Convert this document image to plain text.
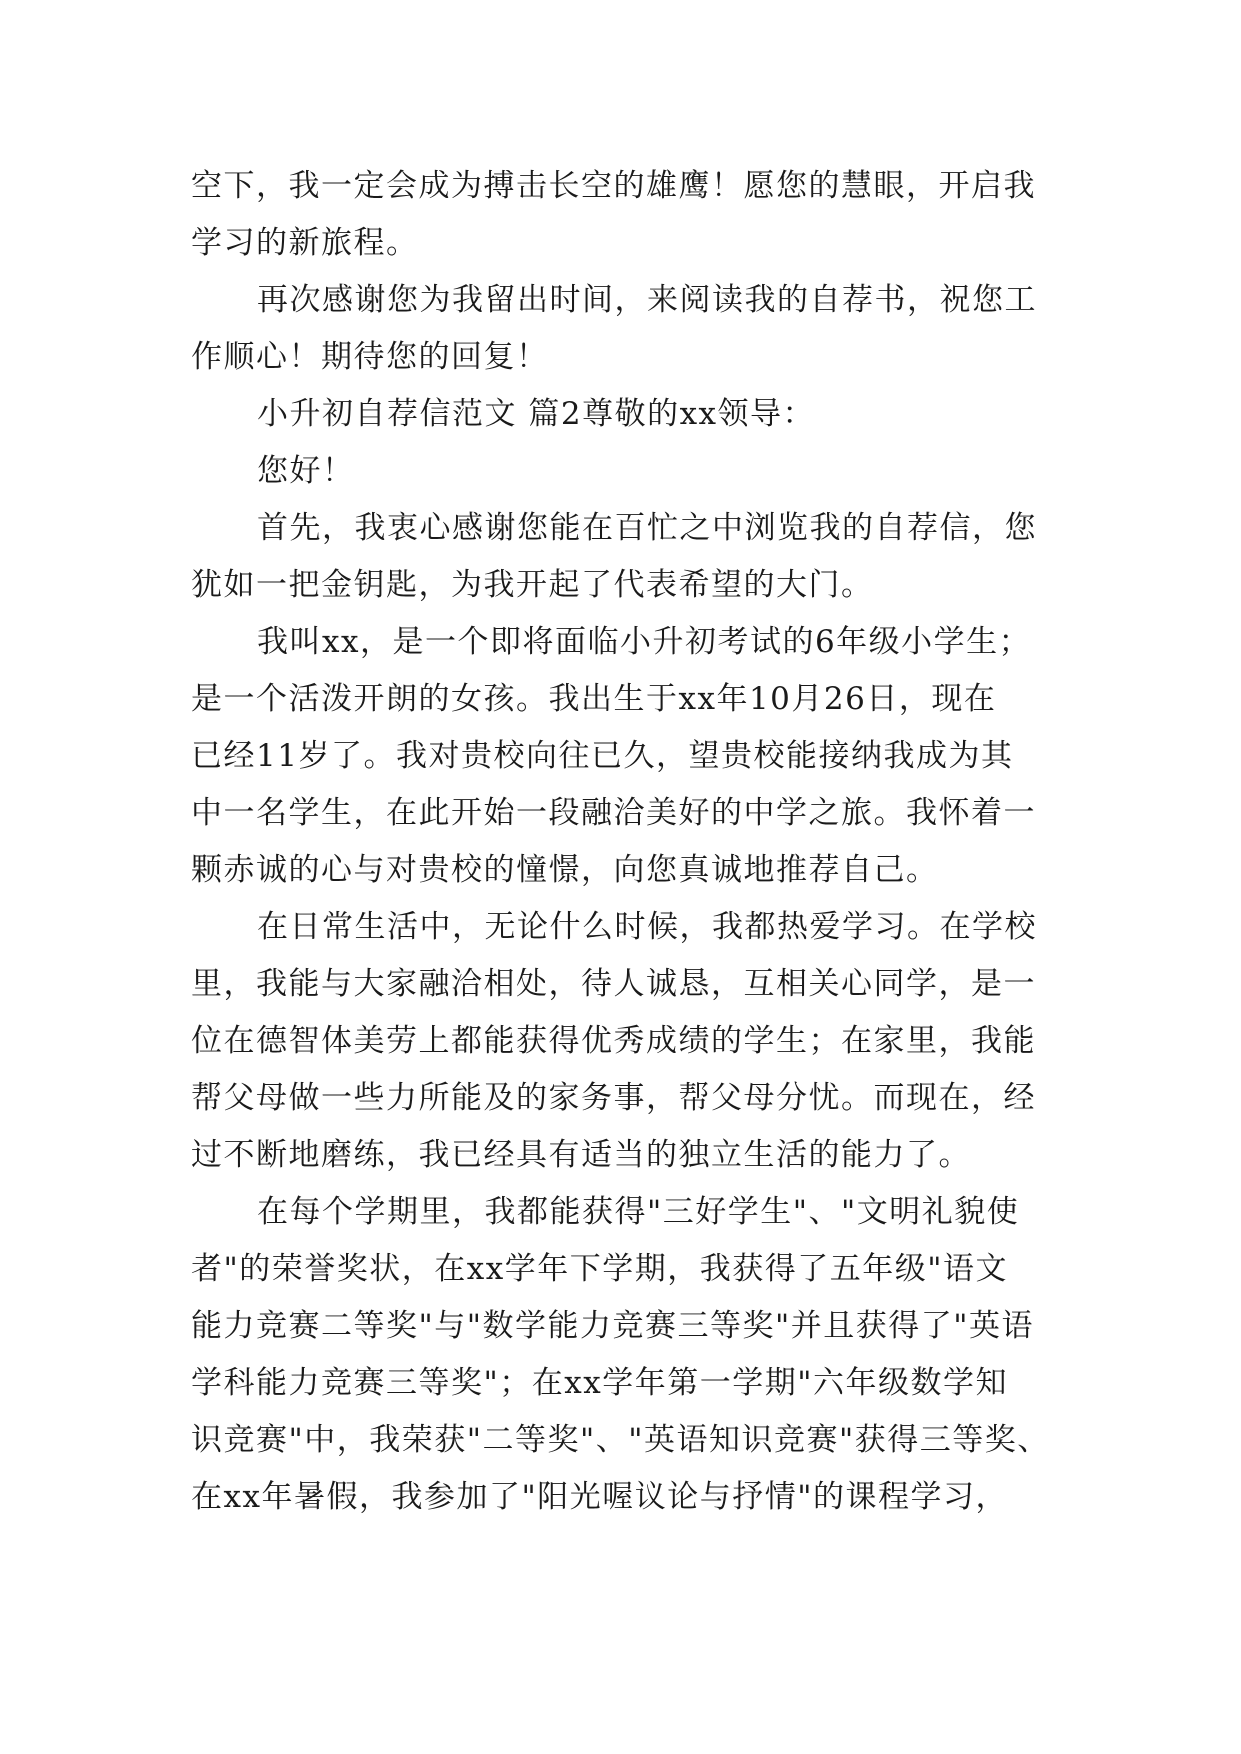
空下，我一定会成为搏击长空的雄鹰！愿您的慧眼，开启我
学习的新旅程。
再次感谢您为我留出时间，来阅读我的自荐书，祝您工
作顺心！期待您的回复！
小升初自荐信范文 篇2尊敬的xx领导：
您好！
首先，我衷心感谢您能在百忙之中浏览我的自荐信，您
犹如一把金钥匙，为我开起了代表希望的大门。
我叫xx，是一个即将面临小升初考试的6年级小学生；
是一个活泼开朗的女孩。我出生于xx年10月26日，现在
已经11岁了。我对贵校向往已久，望贵校能接纳我成为其
中一名学生，在此开始一段融洽美好的中学之旅。我怀着一
颗赤诚的心与对贵校的憧憬，向您真诚地推荐自己。
在日常生活中，无论什么时候，我都热爱学习。在学校
里，我能与大家融洽相处，待人诚恳，互相关心同学，是一
位在德智体美劳上都能获得优秀成绩的学生；在家里，我能
帮父母做一些力所能及的家务事，帮父母分忧。而现在，经
过不断地磨练，我已经具有适当的独立生活的能力了。
在每个学期里，我都能获得"三好学生"、"文明礼貌使
者"的荣誉奖状，在xx学年下学期，我获得了五年级"语文
能力竞赛二等奖"与"数学能力竞赛三等奖"并且获得了"英语
学科能力竞赛三等奖"；在xx学年第一学期"六年级数学知
识竞赛"中，我荣获"二等奖"、"英语知识竞赛"获得三等奖、
在xx年暑假，我参加了"阳光喔议论与抒情"的课程学习，
